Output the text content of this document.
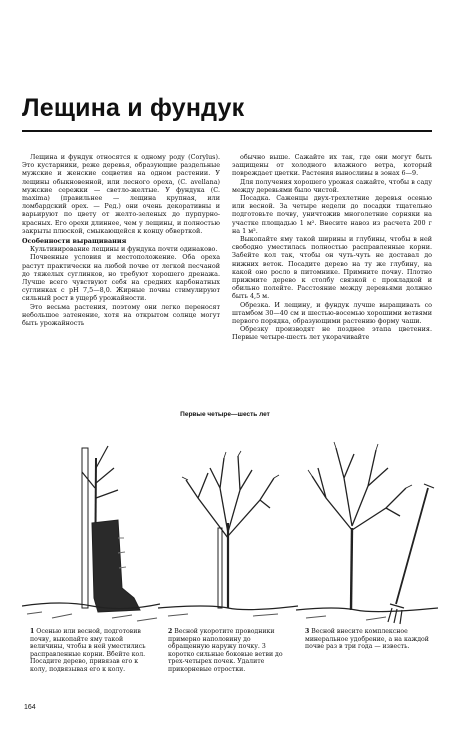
Лещина и фундук

Лещина и фундук относятся к одному роду (Corylus). Это кустарники, реже деревья, образующие раздельные мужские и женские соцветия на одном растении. У лещины обыкновенной, или лесного ореха, (C. avellana) мужские сережки — светло-желтые. У фундука (C. maxima) (правильнее — лещина крупная, или ломбардский орех. — Ред.) они очень декоративны и варьируют по цвету от желто-зеленых до пурпурно-красных. Его орехи длиннее, чем у лещины, и полностью закрыты плюской, смыкающейся к концу обверткой.

Особенности выращивания

Культивирование лещины и фундука почти одинаково.

Почвенные условия и местоположение. Оба ореха растут практически на любой почве от легкой песчаной до тяжелых суглинков, но требуют хорошего дренажа. Лучше всего чувствуют себя на средних карбонатных суглинках с pH 7,5—8,0. Жирные почвы стимулируют сильный рост в ущерб урожайности.

Это весьма растения, поэтому они легко переносят небольшое затенение, хотя на открытом солнце могут быть урожайность

обычно выше. Сажайте их так, где они могут быть защищены от холодного влажного ветра, который повреждает цветки. Растения выносливы в зонах 6—9.

Для получения хорошего урожая сажайте, чтобы в саду между деревьями было чистой.

Посадка. Саженцы двух-трехлетние деревья осенью или весной. За четыре недели до посадки тщательно подготовьте почву, уничтожив многолетние сорняки на участке площадью 1 м². Внесите навоз из расчета 200 г на 1 м².

Выкопайте яму такой ширины и глубины, чтобы в ней свободно уместилась полностью расправленные корни. Забейте кол так, чтобы он чуть-чуть не доставал до нижних веток. Посадите дерево на ту же глубину, на какой оно росло в питомнике. Примните почву. Плотно прижмите дерево к столбу связкой с прокладкой и обильно полейте. Расстояние между деревьями должно быть 4,5 м.

Обрезка. И лещину, и фундук лучше выращивать со штамбом 30—40 см и шестью-восемью хорошими ветвями первого порядка, образующими растению форму чаши.

Обрезку производят не позднее этапа цветения. Первые четыре-шесть лет укорачивайте

Первые четыре—шесть лет
1 Осенью или весной, подготовив почву, выкопайте яму такой величины, чтобы в ней уместились расправленные корни. Вбейте кол. Посадите дерево, привязав его к колу, подвязывая его к колу.
2 Весной укоротите проводники примерно наполовину до обращенную наружу почку. 3 коротко сильные боковые ветви до трех-четырех почек. Удалите прикорневые отростки.
3 Весной внесите комплексное минеральное удобрение, а на каждой почве раз в три года — известь.
164
